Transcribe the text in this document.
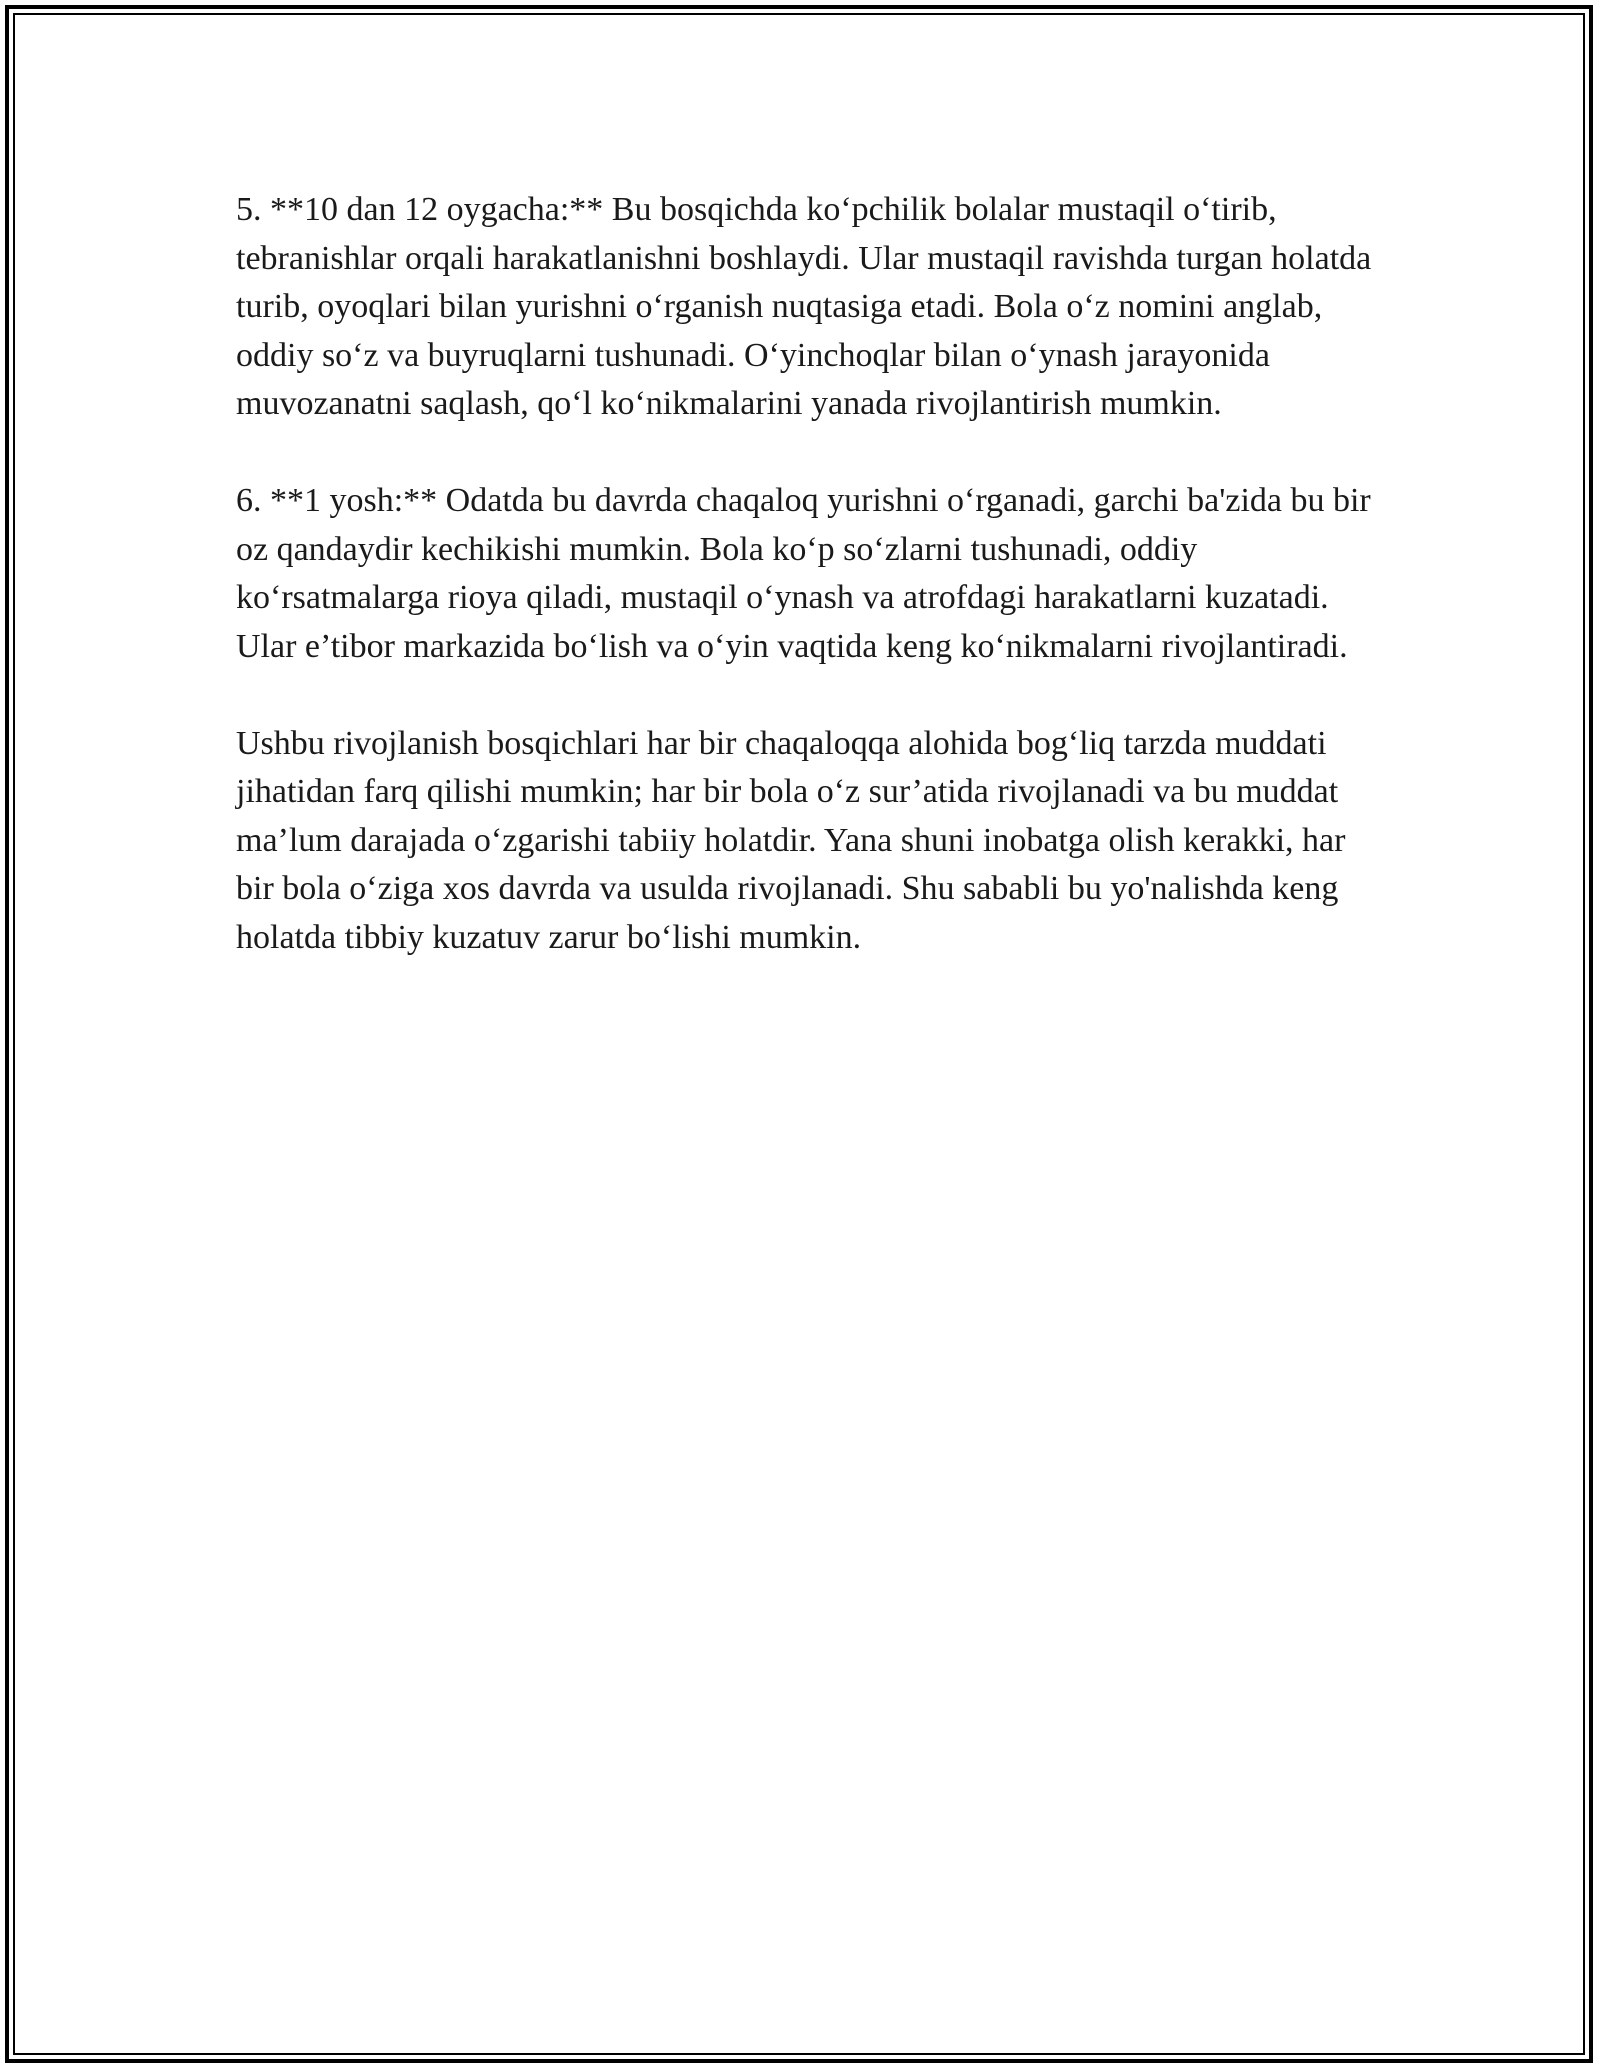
5. **10 dan 12 oygacha:** Bu bosqichda ko‘pchilik bolalar mustaqil o‘tirib, tebranishlar orqali harakatlanishni boshlaydi. Ular mustaqil ravishda turgan holatda turib, oyoqlari bilan yurishni o‘rganish nuqtasiga etadi. Bola o‘z nomini anglab, oddiy so‘z va buyruqlarni tushunadi. O‘yinchoqlar bilan o‘ynash jarayonida muvozanatni saqlash, qo‘l ko‘nikmalarini yanada rivojlantirish mumkin.

6. **1 yosh:** Odatda bu davrda chaqaloq yurishni o‘rganadi, garchi ba'zida bu bir oz qandaydir kechikishi mumkin. Bola ko‘p so‘zlarni tushunadi, oddiy ko‘rsatmalarga rioya qiladi, mustaqil o‘ynash va atrofdagi harakatlarni kuzatadi. Ular e’tibor markazida bo‘lish va o‘yin vaqtida keng ko‘nikmalarni rivojlantiradi.

Ushbu rivojlanish bosqichlari har bir chaqaloqqa alohida bog‘liq tarzda muddati jihatidan farq qilishi mumkin; har bir bola o‘z sur’atida rivojlanadi va bu muddat ma’lum darajada o‘zgarishi tabiiy holatdir. Yana shuni inobatga olish kerakki, har bir bola o‘ziga xos davrda va usulda rivojlanadi. Shu sababli bu yo'nalishda keng holatda tibbiy kuzatuv zarur bo‘lishi mumkin.
